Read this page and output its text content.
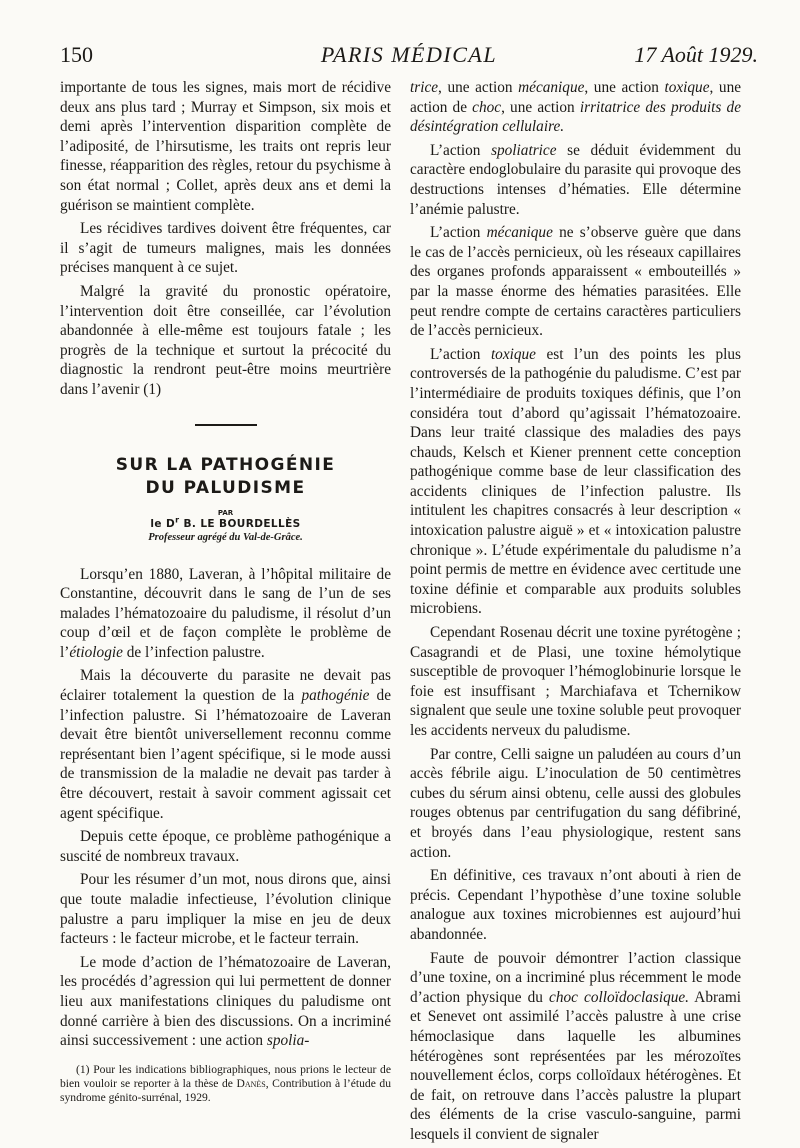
150	PARIS MÉDICAL	17 Août 1929.

importante de tous les signes, mais mort de récidive deux ans plus tard ; Murray et Simpson, six mois et demi après l’intervention disparition complète de l’adiposité, de l’hirsutisme, les traits ont repris leur finesse, réapparition des règles, retour du psychisme à son état normal ; Collet, après deux ans et demi la guérison se maintient complète.

Les récidives tardives doivent être fréquentes, car il s’agit de tumeurs malignes, mais les données précises manquent à ce sujet.

Malgré la gravité du pronostic opératoire, l’intervention doit être conseillée, car l’évolution abandonnée à elle-même est toujours fatale ; les progrès de la technique et surtout la précocité du diagnostic la rendront peut-être moins meurtrière dans l’avenir (1)

SUR LA PATHOGÉNIE
DU PALUDISME
PAR
le $D^r$ B. LE BOURDELLÈS
Professeur agrégé du Val-de-Grâce.

Lorsqu’en 1880, Laveran, à l’hôpital militaire de Constantine, découvrit dans le sang de l’un de ses malades l’hématozoaire du paludisme, il résolut d’un coup d’œil et de façon complète le problème de l’étiologie de l’infection palustre.

Mais la découverte du parasite ne devait pas éclairer totalement la question de la pathogénie de l’infection palustre. Si l’hématozoaire de Laveran devait être bientôt universellement reconnu comme représentant bien l’agent spécifique, si le mode aussi de transmission de la maladie ne devait pas tarder à être découvert, restait à savoir comment agissait cet agent spécifique.

Depuis cette époque, ce problème pathogénique a suscité de nombreux travaux.

Pour les résumer d’un mot, nous dirons que, ainsi que toute maladie infectieuse, l’évolution clinique palustre a paru impliquer la mise en jeu de deux facteurs : le facteur microbe, et le facteur terrain.

Le mode d’action de l’hématozoaire de Laveran, les procédés d’agression qui lui permettent de donner lieu aux manifestations cliniques du paludisme ont donné carrière à bien des discussions. On a incriminé ainsi successivement : une action spolia-

(1) Pour les indications bibliographiques, nous prions le lecteur de bien vouloir se reporter à la thèse de Danès, Contribution à l’étude du syndrome génito-surrénal, 1929.

trice, une action mécanique, une action toxique, une action de choc, une action irritatrice des produits de désintégration cellulaire.

L’action spoliatrice se déduit évidemment du caractère endoglobulaire du parasite qui provoque des destructions intenses d’hématies. Elle détermine l’anémie palustre.

L’action mécanique ne s’observe guère que dans le cas de l’accès pernicieux, où les réseaux capillaires des organes profonds apparaissent « embouteillés » par la masse énorme des hématies parasitées. Elle peut rendre compte de certains caractères particuliers de l’accès pernicieux.

L’action toxique est l’un des points les plus controversés de la pathogénie du paludisme. C’est par l’intermédiaire de produits toxiques définis, que l’on considéra tout d’abord qu’agissait l’hématozoaire. Dans leur traité classique des maladies des pays chauds, Kelsch et Kiener prennent cette conception pathogénique comme base de leur classification des accidents cliniques de l’infection palustre. Ils intitulent les chapitres consacrés à leur description « intoxication palustre aiguë » et « intoxication palustre chronique ». L’étude expérimentale du paludisme n’a point permis de mettre en évidence avec certitude une toxine définie et comparable aux produits solubles microbiens.

Cependant Rosenau décrit une toxine pyrétogène ; Casagrandi et de Plasi, une toxine hémolytique susceptible de provoquer l’hémoglobinurie lorsque le foie est insuffisant ; Marchiafava et Tchernikow signalent que seule une toxine soluble peut provoquer les accidents nerveux du paludisme.

Par contre, Celli saigne un paludéen au cours d’un accès fébrile aigu. L’inoculation de 50 centimètres cubes du sérum ainsi obtenu, celle aussi des globules rouges obtenus par centrifugation du sang défibriné, et broyés dans l’eau physiologique, restent sans action.

En définitive, ces travaux n’ont abouti à rien de précis. Cependant l’hypothèse d’une toxine soluble analogue aux toxines microbiennes est aujourd’hui abandonnée.

Faute de pouvoir démontrer l’action classique d’une toxine, on a incriminé plus récemment le mode d’action physique du choc colloïdoclasique. Abrami et Senevet ont assimilé l’accès palustre à une crise hémoclasique dans laquelle les albumines hétérogènes sont représentées par les mérozoïtes nouvellement éclos, corps colloïdaux hétérogènes. Et de fait, on retrouve dans l’accès palustre la plupart des éléments de la crise vasculo-sanguine, parmi lesquels il convient de signaler
